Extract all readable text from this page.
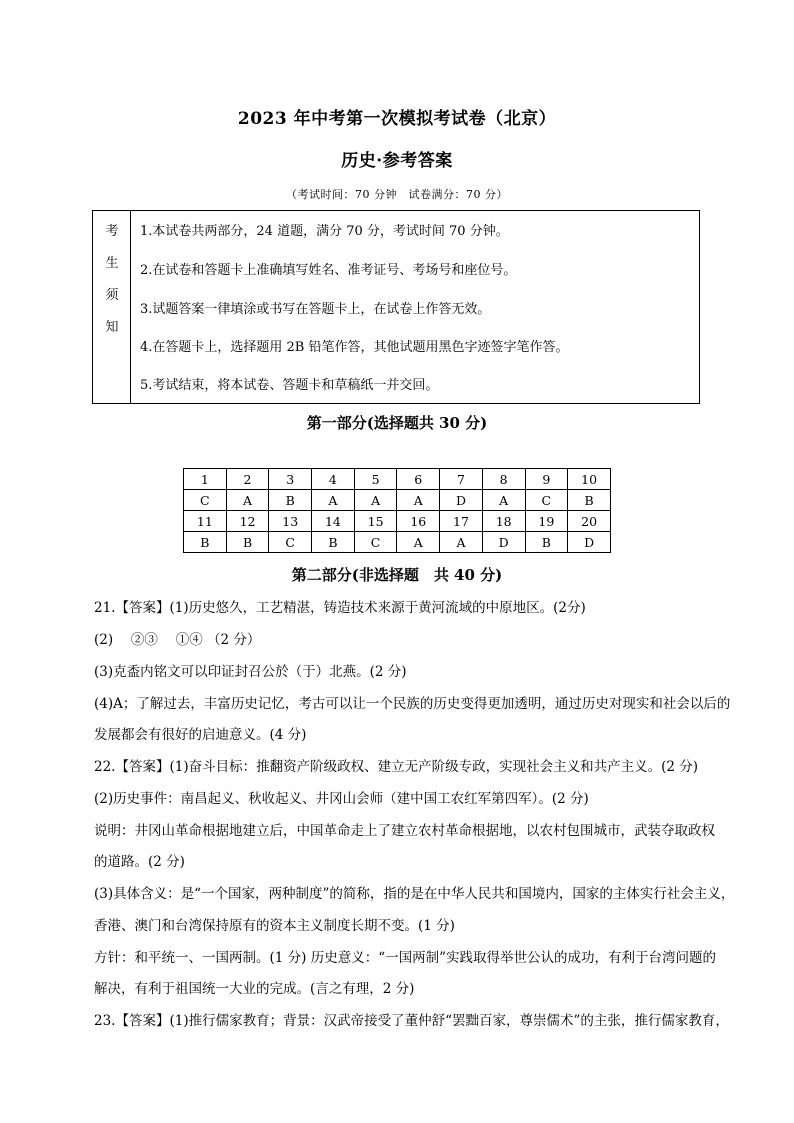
2023 年中考第一次模拟考试卷（北京）
历史·参考答案
（考试时间：70 分钟　试卷满分：70 分）
考
生
须
知
1.本试卷共两部分，24 道题，满分 70 分，考试时间 70 分钟。
2.在试卷和答题卡上准确填写姓名、准考证号、考场号和座位号。
3.试题答案一律填涂或书写在答题卡上，在试卷上作答无效。
4.在答题卡上，选择题用 2B 铅笔作答，其他试题用黑色字迹签字笔作答。
5.考试结束，将本试卷、答题卡和草稿纸一并交回。
第一部分(选择题共 30 分)
1	2	3	4	5	6	7	8	9	10
C	A	B	A	A	A	D	A	C	B
11	12	13	14	15	16	17	18	19	20
B	B	C	B	C	A	A	D	B	D
第二部分(非选择题　共 40 分)
21.【答案】(1)历史悠久，工艺精湛，铸造技术来源于黄河流域的中原地区。(2分)
(2)　 ②③　 ①④ （2 分）
(3)克盉内铭文可以印证封召公於（于）北燕。(2 分)
(4)A；了解过去，丰富历史记忆，考古可以让一个民族的历史变得更加透明，通过历史对现实和社会以后的
发展都会有很好的启迪意义。(4 分)
22.【答案】(1)奋斗目标：推翻资产阶级政权、建立无产阶级专政，实现社会主义和共产主义。(2 分)
(2)历史事件：南昌起义、秋收起义、井冈山会师（建中国工农红军第四军）。(2 分)
说明：井冈山革命根据地建立后，中国革命走上了建立农村革命根据地，以农村包围城市，武装夺取政权
的道路。(2 分)
(3)具体含义：是“一个国家，两种制度”的简称，指的是在中华人民共和国境内，国家的主体实行社会主义，
香港、澳门和台湾保持原有的资本主义制度长期不变。(1 分)
方针：和平统一、一国两制。(1 分) 历史意义：“一国两制”实践取得举世公认的成功，有利于台湾问题的
解决，有利于祖国统一大业的完成。(言之有理，2 分)
23.【答案】(1)推行儒家教育；背景：汉武帝接受了董仲舒“罢黜百家，尊崇儒术”的主张，推行儒家教育，
